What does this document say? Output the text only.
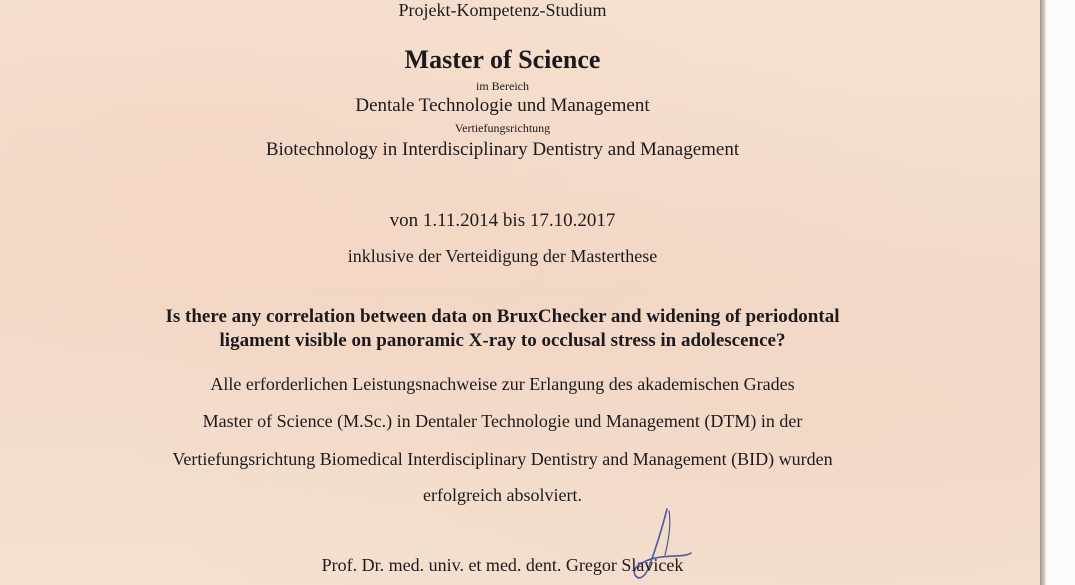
Projekt-Kompetenz-Studium
Master of Science
im Bereich
Dentale Technologie und Management
Vertiefungsrichtung
Biotechnology in Interdisciplinary Dentistry and Management
von 1.11.2014 bis 17.10.2017
inklusive der Verteidigung der Masterthese
Is there any correlation between data on BruxChecker and widening of periodontal
ligament visible on panoramic X-ray to occlusal stress in adolescence?
Alle erforderlichen Leistungsnachweise zur Erlangung des akademischen Grades
Master of Science (M.Sc.) in Dentaler Technologie und Management (DTM) in der
Vertiefungsrichtung Biomedical Interdisciplinary Dentistry and Management (BID) wurden
erfolgreich absolviert.
Prof. Dr. med. univ. et med. dent. Gregor Slavicek
